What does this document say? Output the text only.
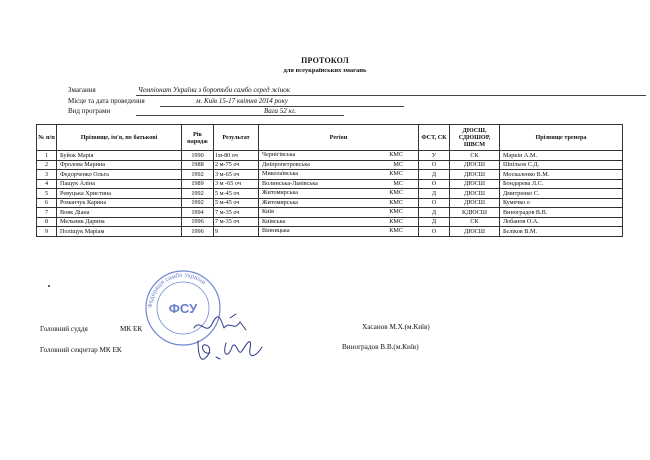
ПРОТОКОЛ
для всеукраїнських змагань
Змагання	Чемпіонат України з боротьби самбо серед жінок
Місце та дата проведення	м. Київ 15-17 квітня 2014 року
Вид програми	Вага 52 кг.
№ п/п	Прізвище, ім'я, по батькові	Рік народж	Результат	Регіон	ФСТ, СК	ДЮСШ, СДЮШОР, ШВСМ	Прізвище тренера
1	Буйок Марія	1990	1м-80 оч	Чернігівська КМС	У	СК	Маркін А.М.
2	Фролова Марина	1988	2 м-75 оч	Дніпропетровська МС	О	ДЮСШ	Шпільов С.Д.
3	Федорченко Ольга	1992	3 м-65 оч	Миколаївська КМС	Д	ДЮСШ	Москаленко В.М.
4	Пащук Аліна	1989	3 м -65 оч	Волинська-Львівська МС	О	ДЮСШ	Бондарева Л.С.
5	Ревуцька Христина	1992	5 м-45 оч	Житомирська КМС	Д	ДЮСШ	Дмитренко С.
6	Романчук Карина	1992	5 м-45 оч	Житомирська КМС	О	ДЮСШ	Кумечко о
7	Вовк Діана	1994	7 м-35 оч	Київ КМС	Д	КДЮСШ	Виноградов В.В.
8	Мельник Дарина	1996	7 м-35 оч	Київська КМС	Д	СК	Лобанов О.А.
9	Поліщук Маріам	1996	9	Вінницька КМС	О	ДЮСШ	Бєліков В.М.
Федерація самбо України
ФСУ
Головний суддя	МК ЕК	Хасанов М.Х.(м.Київ)
Головний секретар МК ЕК	Виноградов В.В.(м.Київ)
